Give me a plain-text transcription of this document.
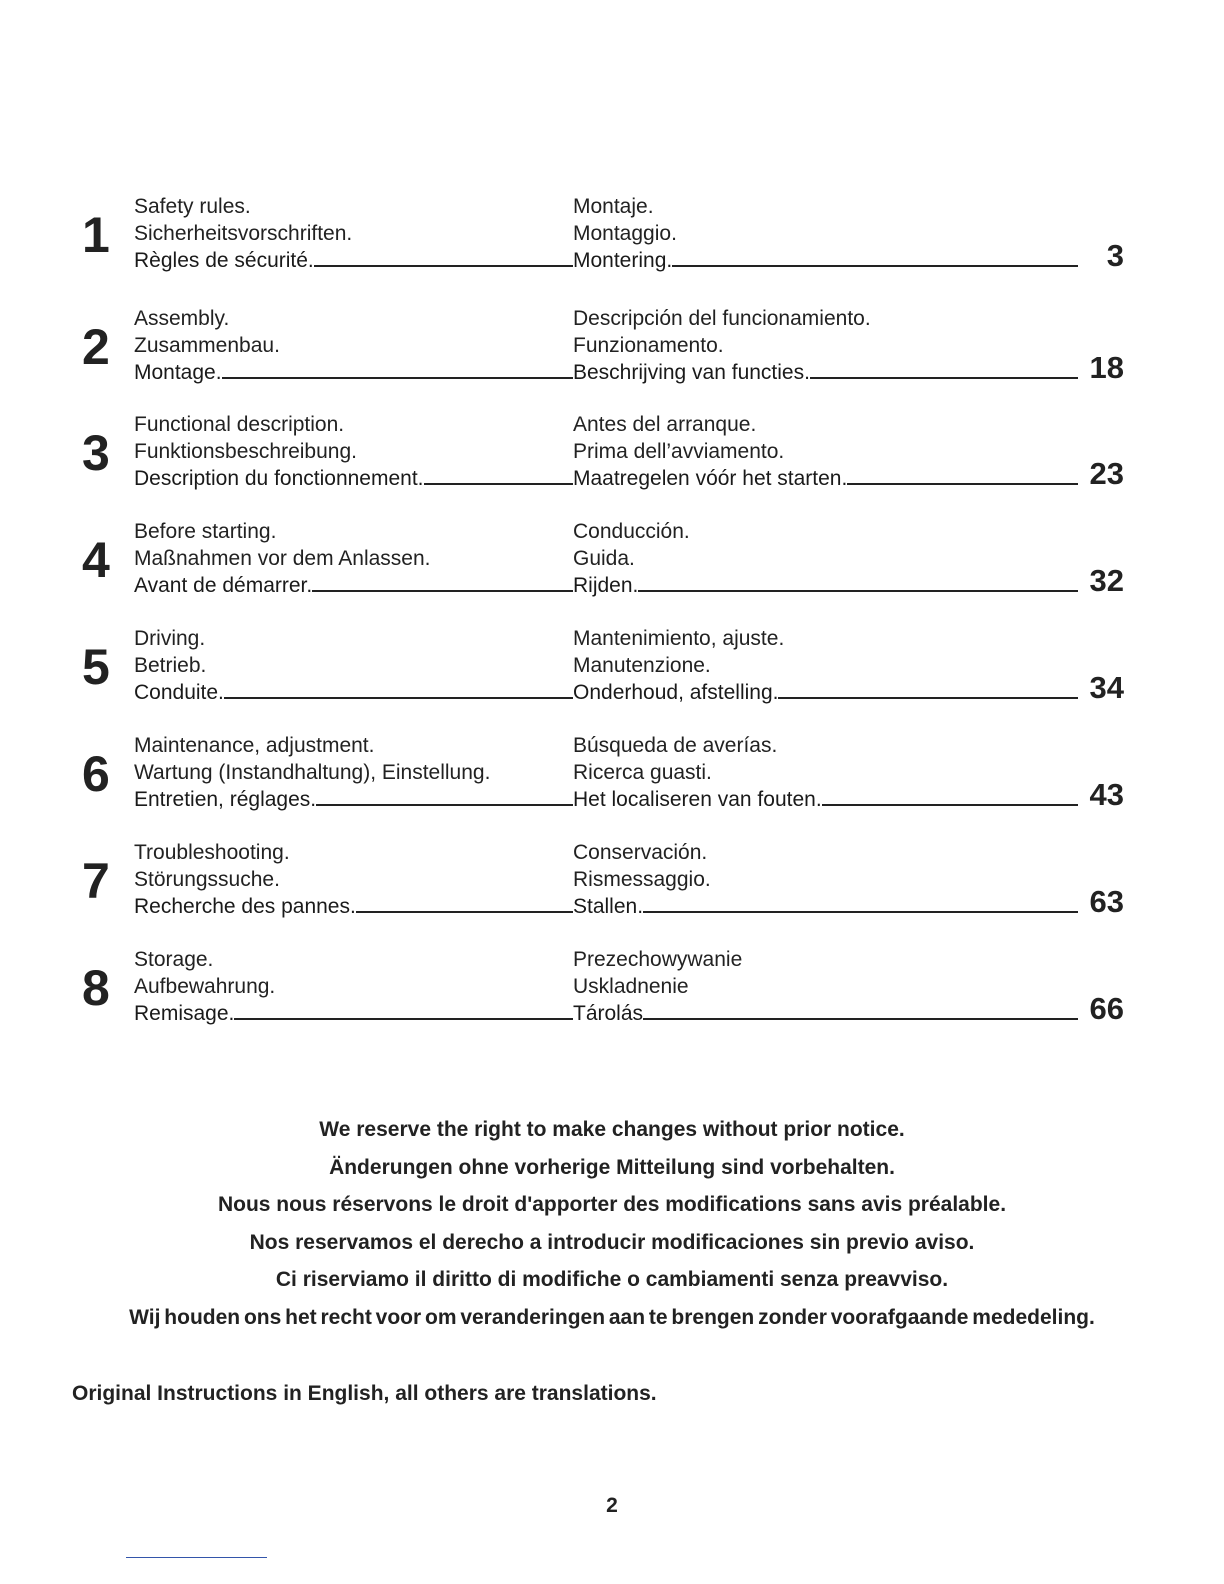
1
Safety rules.
Sicherheitsvorschriften.
Règles de sécurité.
Montaje.
Montaggio.
Montering.	3
2
Assembly.
Zusammenbau.
Montage.
Descripción del funcionamiento.
Funzionamento.
Beschrijving van functies.	18
3
Functional description.
Funktionsbeschreibung.
Description du fonctionnement.
Antes del arranque.
Prima dell’avviamento.
Maatregelen vóór het starten.	23
4
Before starting.
Maßnahmen vor dem Anlassen.
Avant de démarrer.
Conducción.
Guida.
Rijden.	32
5
Driving.
Betrieb.
Conduite.
Mantenimiento, ajuste.
Manutenzione.
Onderhoud, afstelling.	34
6
Maintenance, adjustment.
Wartung (Instandhaltung), Einstellung.
Entretien, réglages.
Búsqueda de averías.
Ricerca guasti.
Het localiseren van fouten.	43
7
Troubleshooting.
Störungssuche.
Recherche des pannes.
Conservación.
Rismessaggio.
Stallen.	63
8
Storage.
Aufbewahrung.
Remisage.
Prezechowywanie
Uskladnenie
Tárolás	66

We reserve the right to make changes without prior notice.

Änderungen ohne vorherige Mitteilung sind vorbehalten.

Nous nous réservons le droit d'apporter des modifications sans avis préalable.

Nos reservamos el derecho a introducir modificaciones sin previo aviso.

Ci riserviamo il diritto di modifiche o cambiamenti senza preavviso.

Wij houden ons het recht voor om veranderingen aan te brengen zonder voorafgaande mededeling.

Original Instructions in English, all others are translations.
2
